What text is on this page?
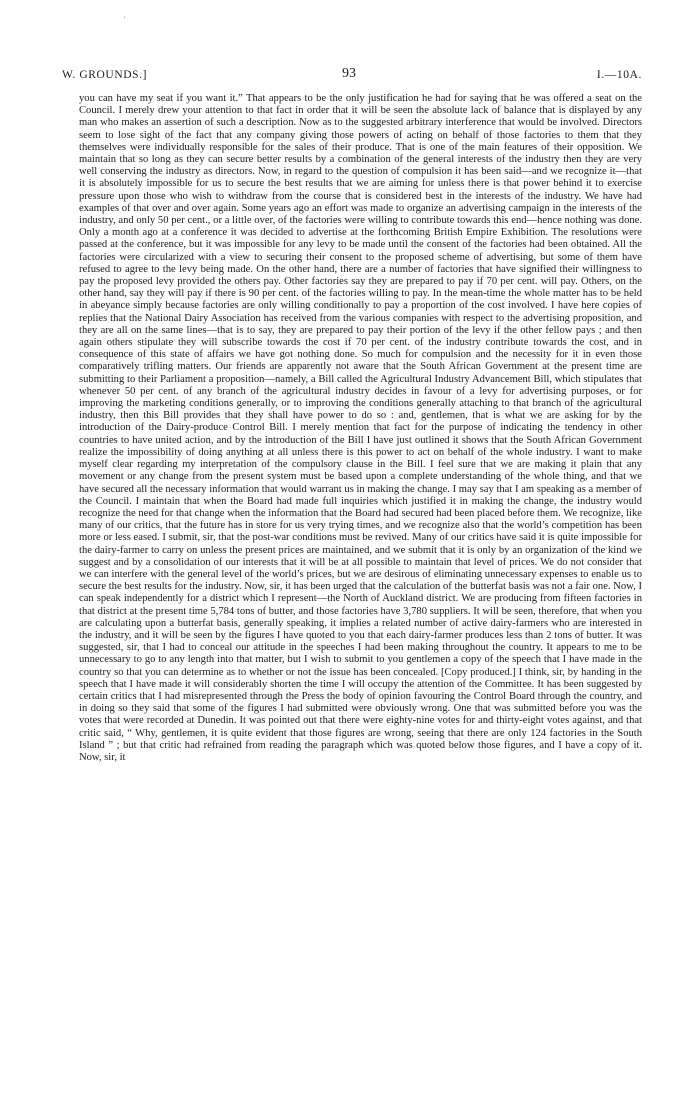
'
W. GROUNDS.]	93	I.—10A.

you can have my seat if you want it.” That appears to be the only justification he had for saying that he was offered a seat on the Council. I merely drew your attention to that fact in order that it will be seen the absolute lack of balance that is displayed by any man who makes an assertion of such a description. Now as to the suggested arbitrary interference that would be involved. Directors seem to lose sight of the fact that any company giving those powers of acting on behalf of those factories to them that they themselves were individually responsible for the sales of their produce. That is one of the main features of their opposition. We maintain that so long as they can secure better results by a combination of the general interests of the industry then they are very well conserving the industry as directors. Now, in regard to the question of compulsion it has been said—and we recognize it—that it is absolutely impossible for us to secure the best results that we are aiming for unless there is that power behind it to exercise pressure upon those who wish to withdraw from the course that is considered best in the interests of the industry. We have had examples of that over and over again. Some years ago an effort was made to organize an advertising campaign in the interests of the industry, and only 50 per cent., or a little over, of the factories were willing to contribute towards this end—hence nothing was done. Only a month ago at a conference it was decided to advertise at the forthcoming British Empire Exhibition. The resolutions were passed at the conference, but it was impossible for any levy to be made until the consent of the factories had been obtained. All the factories were circularized with a view to securing their consent to the proposed scheme of advertising, but some of them have refused to agree to the levy being made. On the other hand, there are a number of factories that have signified their willingness to pay the proposed levy provided the others pay. Other factories say they are prepared to pay if 70 per cent. will pay. Others, on the other hand, say they will pay if there is 90 per cent. of the factories willing to pay. In the mean-time the whole matter has to be held in abeyance simply because factories are only willing conditionally to pay a proportion of the cost involved. I have here copies of replies that the National Dairy Association has received from the various companies with respect to the advertising proposition, and they are all on the same lines—that is to say, they are prepared to pay their portion of the levy if the other fellow pays ; and then again others stipulate they will subscribe towards the cost if 70 per cent. of the industry contribute towards the cost, and in consequence of this state of affairs we have got nothing done. So much for compulsion and the necessity for it in even those comparatively trifling matters. Our friends are apparently not aware that the South African Government at the present time are submitting to their Parliament a proposition—namely, a Bill called the Agricultural Industry Advancement Bill, which stipulates that whenever 50 per cent. of any branch of the agricultural industry decides in favour of a levy for advertising purposes, or for improving the marketing conditions generally, or to improving the conditions generally attaching to that branch of the agricultural industry, then this Bill provides that they shall have power to do so : and, gentlemen, that is what we are asking for by the introduction of the Dairy-produce Control Bill. I merely mention that fact for the purpose of indicating the tendency in other countries to have united action, and by the introduction of the Bill I have just outlined it shows that the South African Government realize the impossibility of doing anything at all unless there is this power to act on behalf of the whole industry. I want to make myself clear regarding my interpretation of the compulsory clause in the Bill. I feel sure that we are making it plain that any movement or any change from the present system must be based upon a complete understanding of the whole thing, and that we have secured all the necessary information that would warrant us in making the change. I may say that I am speaking as a member of the Council. I maintain that when the Board had made full inquiries which justified it in making the change, the industry would recognize the need for that change when the information that the Board had secured had been placed before them. We recognize, like many of our critics, that the future has in store for us very trying times, and we recognize also that the world’s competition has been more or less eased. I submit, sir, that the post-war conditions must be revived. Many of our critics have said it is quite impossible for the dairy-farmer to carry on unless the present prices are maintained, and we submit that it is only by an organization of the kind we suggest and by a consolidation of our interests that it will be at all possible to maintain that level of prices. We do not consider that we can interfere with the general level of the world’s prices, but we are desirous of eliminating unnecessary expenses to enable us to secure the best results for the industry. Now, sir, it has been urged that the calculation of the butterfat basis was not a fair one. Now, I can speak independently for a district which I represent—the North of Auckland district. We are producing from fifteen factories in that district at the present time 5,784 tons of butter, and those factories have 3,780 suppliers. It will be seen, therefore, that when you are calculating upon a butterfat basis, generally speaking, it implies a related number of active dairy-farmers who are interested in the industry, and it will be seen by the figures I have quoted to you that each dairy-farmer produces less than 2 tons of butter. It was suggested, sir, that I had to conceal our attitude in the speeches I had been making throughout the country. It appears to me to be unnecessary to go to any length into that matter, but I wish to submit to you gentlemen a copy of the speech that I have made in the country so that you can determine as to whether or not the issue has been concealed. [Copy produced.] I think, sir, by handing in the speech that I have made it will considerably shorten the time I will occupy the attention of the Committee. It has been suggested by certain critics that I had misrepresented through the Press the body of opinion favouring the Control Board through the country, and in doing so they said that some of the figures I had submitted were obviously wrong. One that was submitted before you was the votes that were recorded at Dunedin. It was pointed out that there were eighty-nine votes for and thirty-eight votes against, and that critic said, “ Why, gentlemen, it is quite evident that those figures are wrong, seeing that there are only 124 factories in the South Island ” ; but that critic had refrained from reading the paragraph which was quoted below those figures, and I have a copy of it. Now, sir, it
